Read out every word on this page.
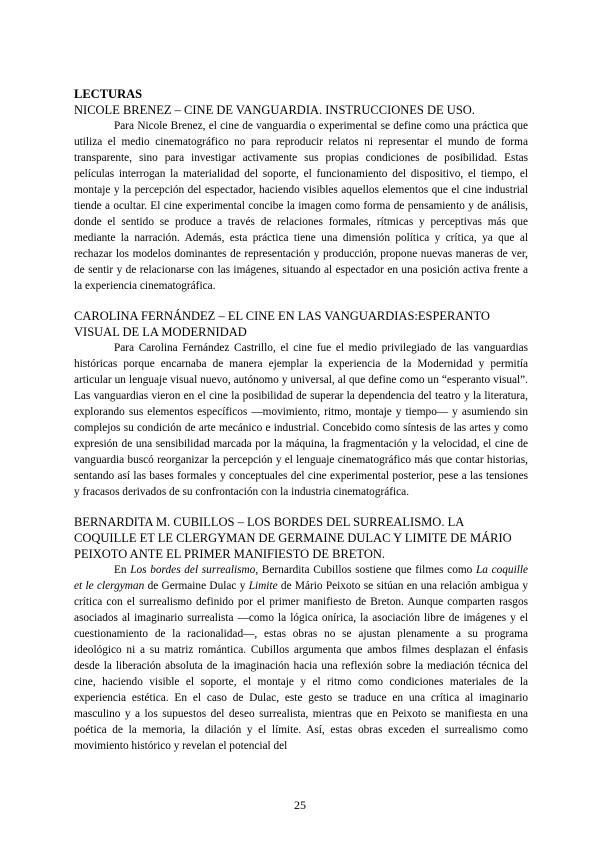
LECTURAS
NICOLE BRENEZ – CINE DE VANGUARDIA. INSTRUCCIONES DE USO.

Para Nicole Brenez, el cine de vanguardia o experimental se define como una práctica que utiliza el medio cinematográfico no para reproducir relatos ni representar el mundo de forma transparente, sino para investigar activamente sus propias condiciones de posibilidad. Estas películas interrogan la materialidad del soporte, el funcionamiento del dispositivo, el tiempo, el montaje y la percepción del espectador, haciendo visibles aquellos elementos que el cine industrial tiende a ocultar. El cine experimental concibe la imagen como forma de pensamiento y de análisis, donde el sentido se produce a través de relaciones formales, rítmicas y perceptivas más que mediante la narración. Además, esta práctica tiene una dimensión política y crítica, ya que al rechazar los modelos dominantes de representación y producción, propone nuevas maneras de ver, de sentir y de relacionarse con las imágenes, situando al espectador en una posición activa frente a la experiencia cinematográfica.

CAROLINA FERNÁNDEZ – EL CINE EN LAS VANGUARDIAS:ESPERANTO VISUAL DE LA MODERNIDAD

Para Carolina Fernández Castrillo, el cine fue el medio privilegiado de las vanguardias históricas porque encarnaba de manera ejemplar la experiencia de la Modernidad y permitía articular un lenguaje visual nuevo, autónomo y universal, al que define como un “esperanto visual”. Las vanguardias vieron en el cine la posibilidad de superar la dependencia del teatro y la literatura, explorando sus elementos específicos —movimiento, ritmo, montaje y tiempo— y asumiendo sin complejos su condición de arte mecánico e industrial. Concebido como síntesis de las artes y como expresión de una sensibilidad marcada por la máquina, la fragmentación y la velocidad, el cine de vanguardia buscó reorganizar la percepción y el lenguaje cinematográfico más que contar historias, sentando así las bases formales y conceptuales del cine experimental posterior, pese a las tensiones y fracasos derivados de su confrontación con la industria cinematográfica.

BERNARDITA M. CUBILLOS – LOS BORDES DEL SURREALISMO. LA COQUILLE ET LE CLERGYMAN DE GERMAINE DULAC Y LIMITE DE MÁRIO PEIXOTO ANTE EL PRIMER MANIFIESTO DE BRETON.

En Los bordes del surrealismo, Bernardita Cubillos sostiene que filmes como La coquille et le clergyman de Germaine Dulac y Limite de Mário Peixoto se sitúan en una relación ambigua y crítica con el surrealismo definido por el primer manifiesto de Breton. Aunque comparten rasgos asociados al imaginario surrealista —como la lógica onírica, la asociación libre de imágenes y el cuestionamiento de la racionalidad—, estas obras no se ajustan plenamente a su programa ideológico ni a su matriz romántica. Cubillos argumenta que ambos filmes desplazan el énfasis desde la liberación absoluta de la imaginación hacia una reflexión sobre la mediación técnica del cine, haciendo visible el soporte, el montaje y el ritmo como condiciones materiales de la experiencia estética. En el caso de Dulac, este gesto se traduce en una crítica al imaginario masculino y a los supuestos del deseo surrealista, mientras que en Peixoto se manifiesta en una poética de la memoria, la dilación y el límite. Así, estas obras exceden el surrealismo como movimiento histórico y revelan el potencial del

25
